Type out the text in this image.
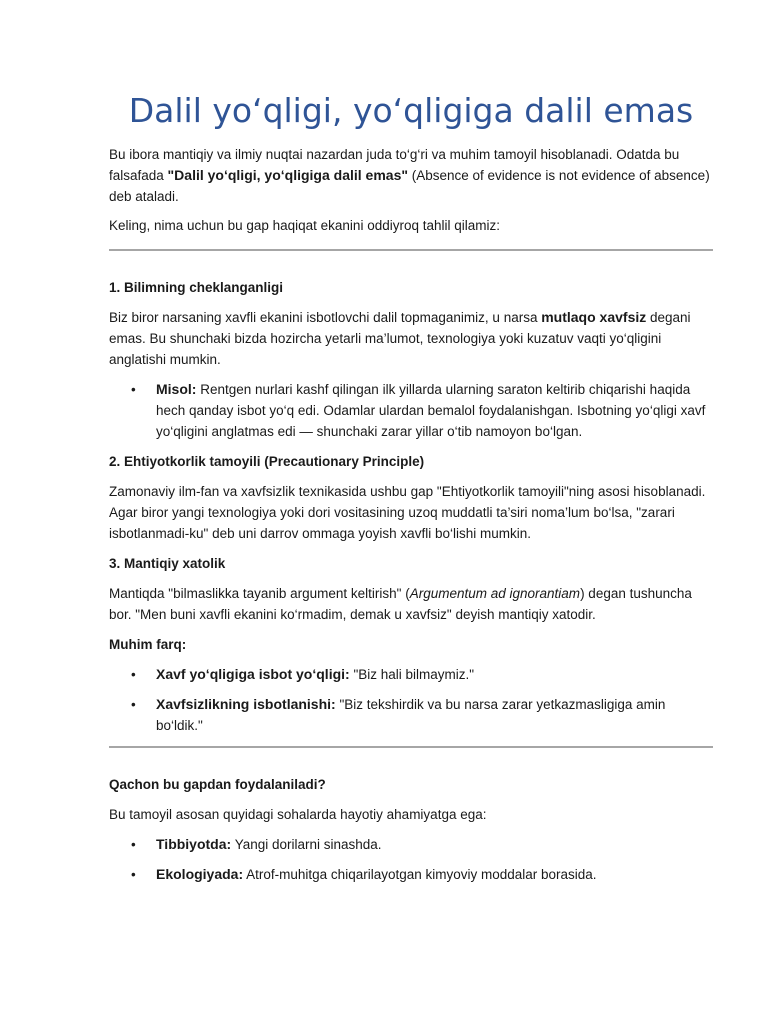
Dalil yo‘qligi, yo‘qligiga dalil emas

Bu ibora mantiqiy va ilmiy nuqtai nazardan juda to‘g‘ri va muhim tamoyil hisoblanadi. Odatda bu falsafada "Dalil yo‘qligi, yo‘qligiga dalil emas" (Absence of evidence is not evidence of absence) deb ataladi.

Keling, nima uchun bu gap haqiqat ekanini oddiyroq tahlil qilamiz:

1. Bilimning cheklanganligi

Biz biror narsaning xavfli ekanini isbotlovchi dalil topmaganimiz, u narsa mutlaqo xavfsiz degani emas. Bu shunchaki bizda hozircha yetarli ma’lumot, texnologiya yoki kuzatuv vaqti yo‘qligini anglatishi mumkin.

• Misol: Rentgen nurlari kashf qilingan ilk yillarda ularning saraton keltirib chiqarishi haqida hech qanday isbot yo‘q edi. Odamlar ulardan bemalol foydalanishgan. Isbotning yo‘qligi xavf yo‘qligini anglatmas edi — shunchaki zarar yillar o‘tib namoyon bo‘lgan.
2. Ehtiyotkorlik tamoyili (Precautionary Principle)

Zamonaviy ilm-fan va xavfsizlik texnikasida ushbu gap "Ehtiyotkorlik tamoyili"ning asosi hisoblanadi. Agar biror yangi texnologiya yoki dori vositasining uzoq muddatli ta’siri noma’lum bo‘lsa, "zarari isbotlanmadi-ku" deb uni darrov ommaga yoyish xavfli bo‘lishi mumkin.

3. Mantiqiy xatolik

Mantiqda "bilmaslikka tayanib argument keltirish" (Argumentum ad ignorantiam) degan tushuncha bor. "Men buni xavfli ekanini ko‘rmadim, demak u xavfsiz" deyish mantiqiy xatodir.

Muhim farq:
• Xavf yo‘qligiga isbot yo‘qligi: "Biz hali bilmaymiz."
• Xavfsizlikning isbotlanishi: "Biz tekshirdik va bu narsa zarar yetkazmasligiga amin bo‘ldik."
Qachon bu gapdan foydalaniladi?

Bu tamoyil asosan quyidagi sohalarda hayotiy ahamiyatga ega:

• Tibbiyotda: Yangi dorilarni sinashda.
• Ekologiyada: Atrof-muhitga chiqarilayotgan kimyoviy moddalar borasida.
